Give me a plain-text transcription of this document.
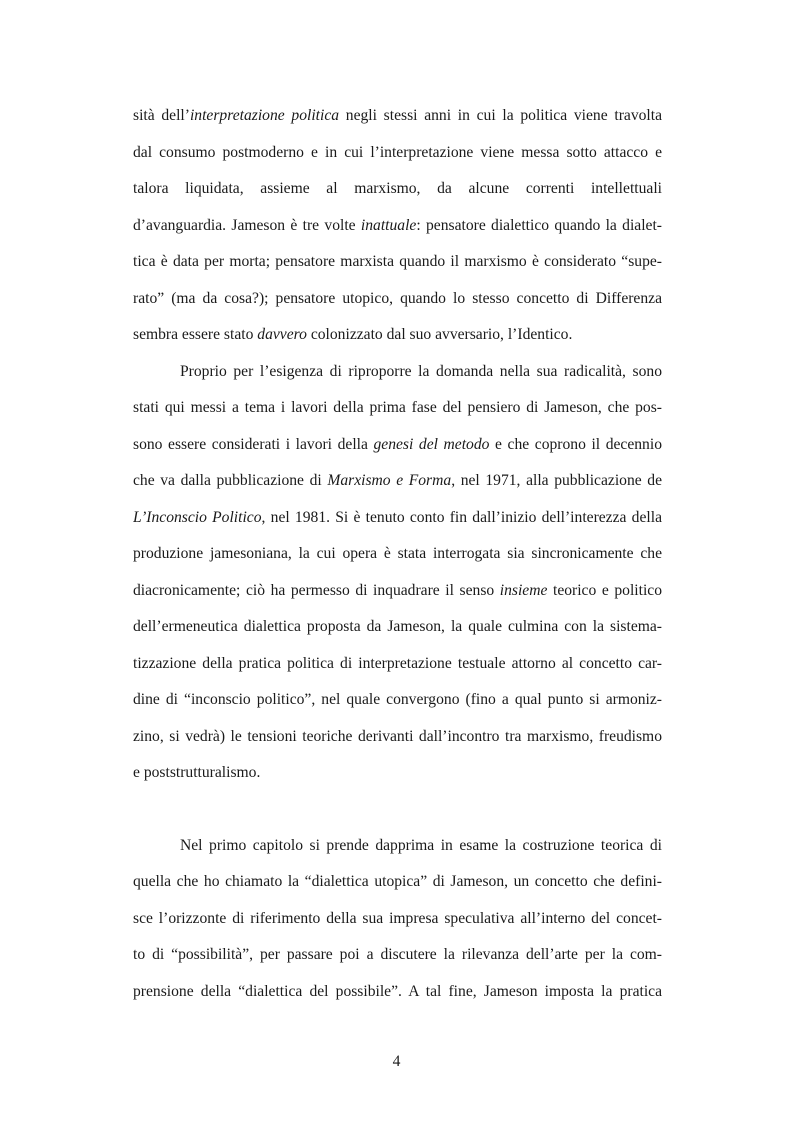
sità dell’interpretazione politica negli stessi anni in cui la politica viene travolta
dal consumo postmoderno e in cui l’interpretazione viene messa sotto attacco e
talora liquidata, assieme al marxismo, da alcune correnti intellettuali
d’avanguardia. Jameson è tre volte inattuale: pensatore dialettico quando la dialet-
tica è data per morta; pensatore marxista quando il marxismo è considerato “supe-
rato” (ma da cosa?); pensatore utopico, quando lo stesso concetto di Differenza
sembra essere stato davvero colonizzato dal suo avversario, l’Identico.
Proprio per l’esigenza di riproporre la domanda nella sua radicalità, sono
stati qui messi a tema i lavori della prima fase del pensiero di Jameson, che pos-
sono essere considerati i lavori della genesi del metodo e che coprono il decennio
che va dalla pubblicazione di Marxismo e Forma, nel 1971, alla pubblicazione de
L’Inconscio Politico, nel 1981. Si è tenuto conto fin dall’inizio dell’interezza della
produzione jamesoniana, la cui opera è stata interrogata sia sincronicamente che
diacronicamente; ciò ha permesso di inquadrare il senso insieme teorico e politico
dell’ermeneutica dialettica proposta da Jameson, la quale culmina con la sistema-
tizzazione della pratica politica di interpretazione testuale attorno al concetto car-
dine di “inconscio politico”, nel quale convergono (fino a qual punto si armoniz-
zino, si vedrà) le tensioni teoriche derivanti dall’incontro tra marxismo, freudismo
e poststrutturalismo.
Nel primo capitolo si prende dapprima in esame la costruzione teorica di
quella che ho chiamato la “dialettica utopica” di Jameson, un concetto che defini-
sce l’orizzonte di riferimento della sua impresa speculativa all’interno del concet-
to di “possibilità”, per passare poi a discutere la rilevanza dell’arte per la com-
prensione della “dialettica del possibile”. A tal fine, Jameson imposta la pratica
4
